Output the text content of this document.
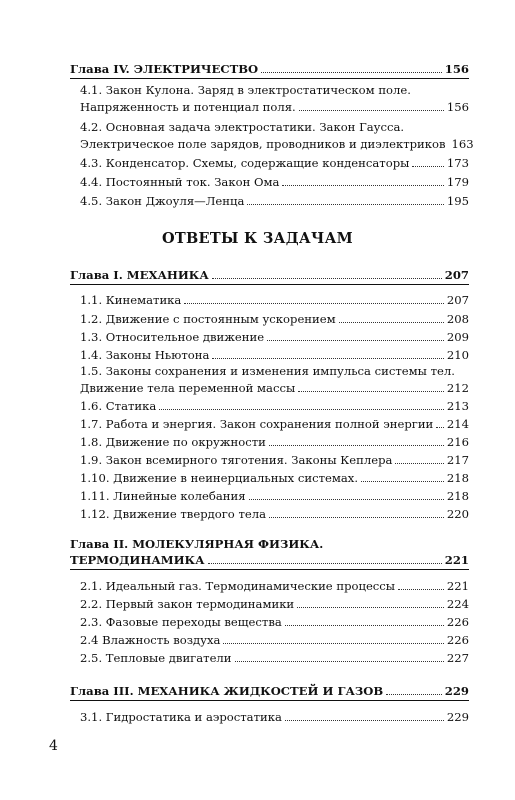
Глава IV. ЭЛЕКТРИЧЕСТВО	156
4.1. Закон Кулона. Заряд в электростатическом поле.
Напряженность и потенциал поля.	156
4.2. Основная задача электростатики. Закон Гаусса.
Электрическое поле зарядов, проводников и диэлектриков 163
4.3. Конденсатор. Схемы, содержащие конденсаторы	173
4.4. Постоянный ток. Закон Ома	179
4.5. Закон Джоуля—Ленца	195
ОТВЕТЫ К ЗАДАЧАМ
Глава I. МЕХАНИКА	207
1.1. Кинематика	207
1.2. Движение с постоянным ускорением	208
1.3. Относительное движение	209
1.4. Законы Ньютона	210
1.5. Законы сохранения и изменения импульса системы тел.
Движение тела переменной массы	212
1.6. Статика	213
1.7. Работа и энергия. Закон сохранения полной энергии 214
1.8. Движение по окружности	216
1.9. Закон всемирного тяготения. Законы Кеплера	217
1.10. Движение в неинерциальных системах.	218
1.11. Линейные колебания	218
1.12. Движение твердого тела	220
Глава II. МОЛЕКУЛЯРНАЯ ФИЗИКА.
ТЕРМОДИНАМИКА	221
2.1. Идеальный газ. Термодинамические процессы	221
2.2. Первый закон термодинамики	224
2.3. Фазовые переходы вещества	226
2.4 Влажность воздуха	226
2.5. Тепловые двигатели	227
Глава III. МЕХАНИКА ЖИДКОСТЕЙ И ГАЗОВ	229
3.1. Гидростатика и аэростатика	229
4
